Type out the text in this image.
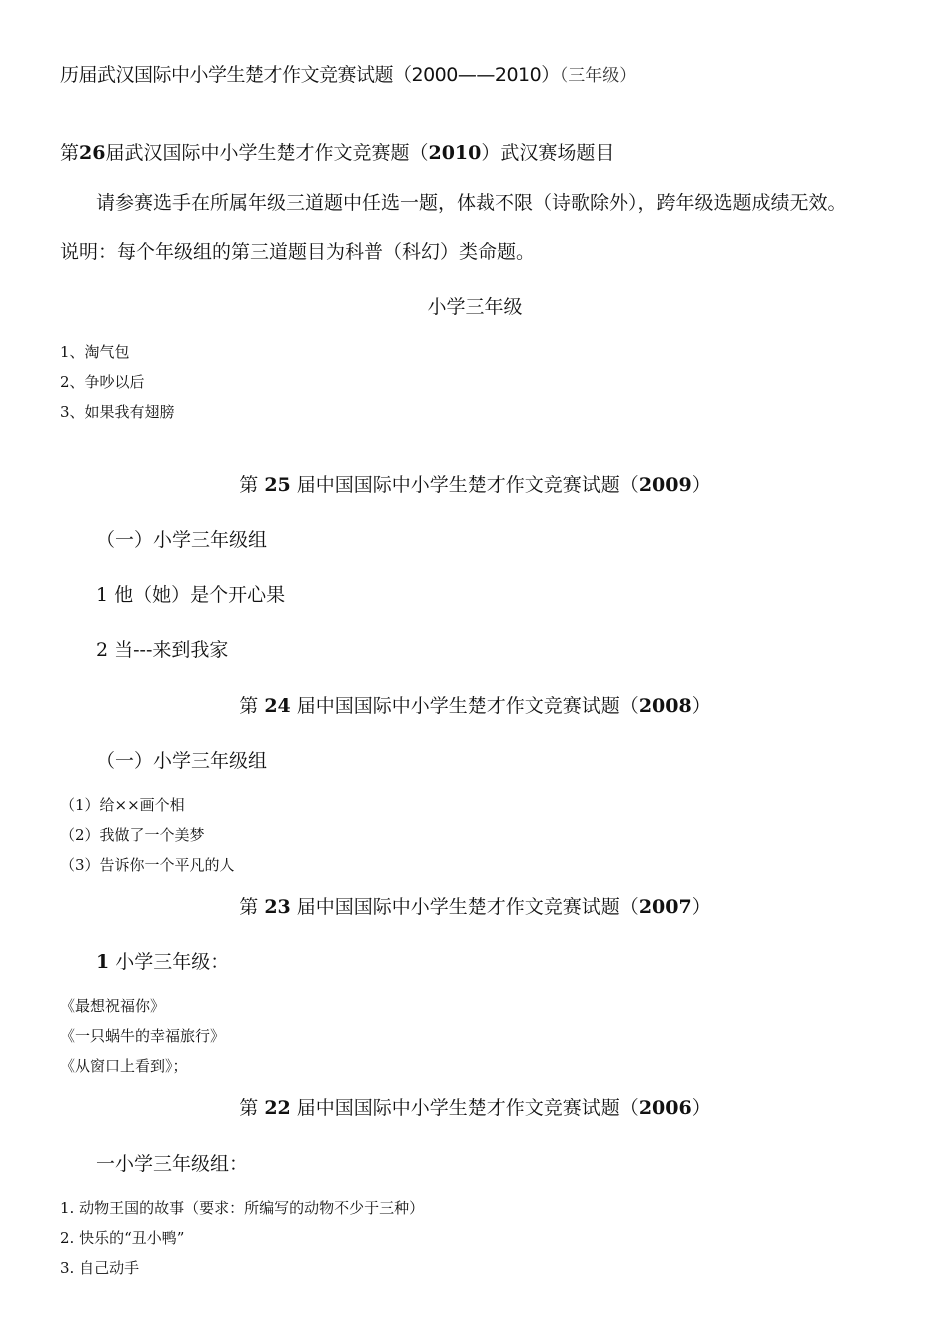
历届武汉国际中小学生楚才作文竞赛试题（2000——2010）（三年级）
第26届武汉国际中小学生楚才作文竞赛题（2010）武汉赛场题目
请参赛选手在所属年级三道题中任选一题，体裁不限（诗歌除外），跨年级选题成绩无效。
说明：每个年级组的第三道题目为科普（科幻）类命题。
小学三年级
1、淘气包
2、争吵以后
3、如果我有翅膀
第 25 届中国国际中小学生楚才作文竞赛试题（2009）
（一）小学三年级组
1 他（她）是个开心果
2 当---来到我家
第 24 届中国国际中小学生楚才作文竞赛试题（2008）
（一）小学三年级组
（1）给××画个相
（2）我做了一个美梦
（3）告诉你一个平凡的人
第 23 届中国国际中小学生楚才作文竞赛试题（2007）
1 小学三年级：
《最想祝福你》
《一只蜗牛的幸福旅行》
《从窗口上看到》；
第 22 届中国国际中小学生楚才作文竞赛试题（2006）
一小学三年级组：
1. 动物王国的故事（要求：所编写的动物不少于三种）
2. 快乐的“丑小鸭”
3. 自己动手
